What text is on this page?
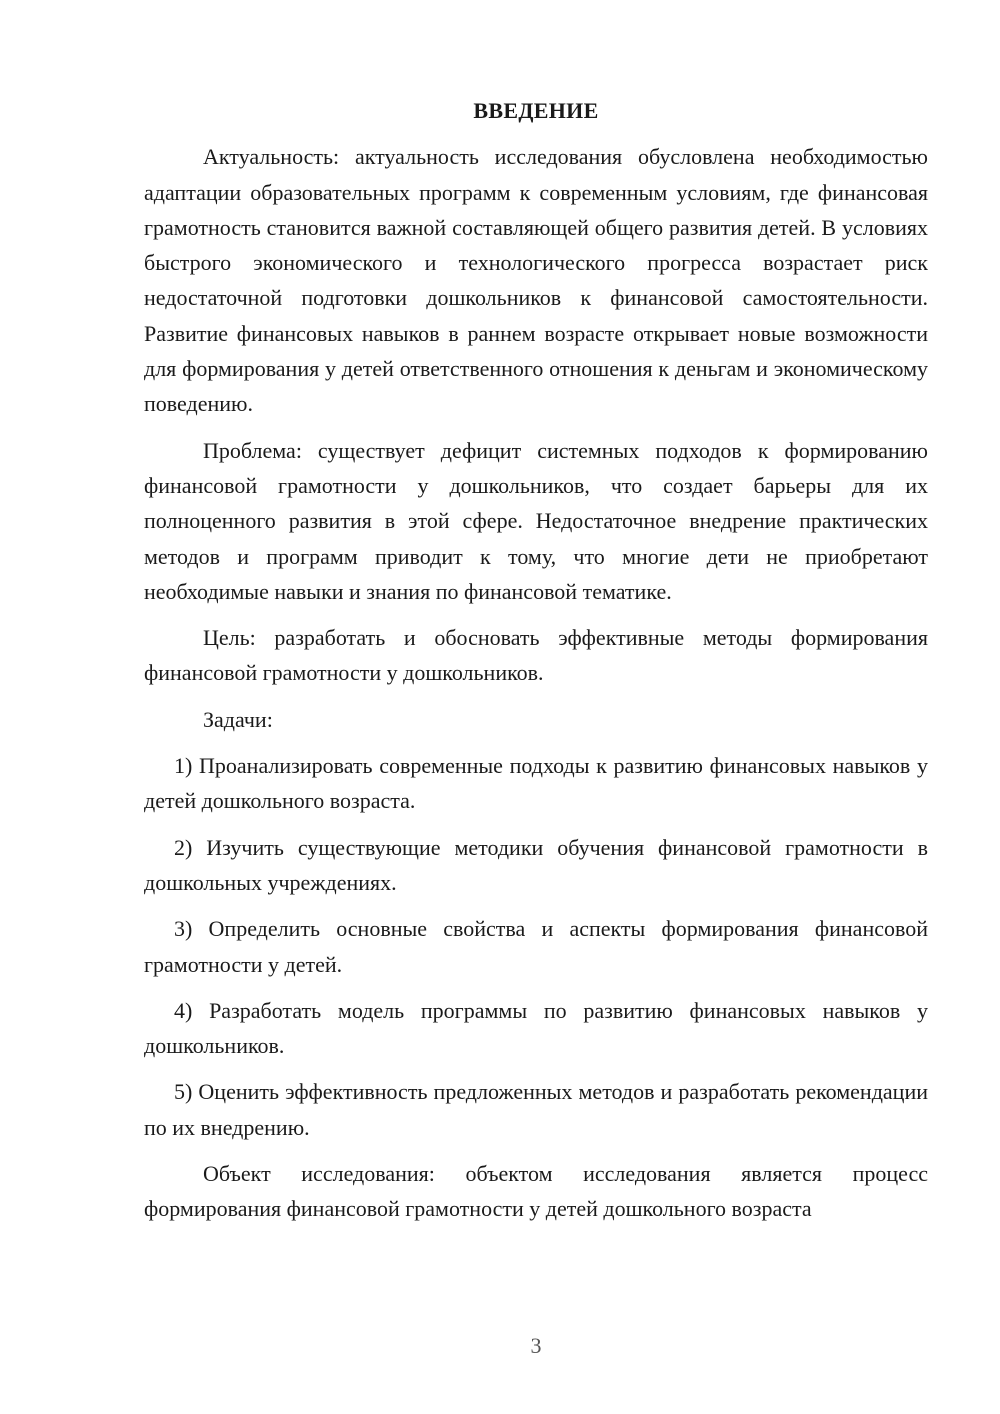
ВВЕДЕНИЕ

Актуальность: актуальность исследования обусловлена необходимостью адаптации образовательных программ к современным условиям, где финансовая грамотность становится важной составляющей общего развития детей. В условиях быстрого экономического и технологического прогресса возрастает риск недостаточной подготовки дошкольников к финансовой самостоятельности. Развитие финансовых навыков в раннем возрасте открывает новые возможности для формирования у детей ответственного отношения к деньгам и экономическому поведению.

Проблема: существует дефицит системных подходов к формированию финансовой грамотности у дошкольников, что создает барьеры для их полноценного развития в этой сфере. Недостаточное внедрение практических методов и программ приводит к тому, что многие дети не приобретают необходимые навыки и знания по финансовой тематике.

Цель: разработать и обосновать эффективные методы формирования финансовой грамотности у дошкольников.

Задачи:

1) Проанализировать современные подходы к развитию финансовых навыков у детей дошкольного возраста.

2) Изучить существующие методики обучения финансовой грамотности в дошкольных учреждениях.

3) Определить основные свойства и аспекты формирования финансовой грамотности у детей.

4) Разработать модель программы по развитию финансовых навыков у дошкольников.

5) Оценить эффективность предложенных методов и разработать рекомендации по их внедрению.

Объект исследования: объектом исследования является процесс формирования финансовой грамотности у детей дошкольного возраста

3
